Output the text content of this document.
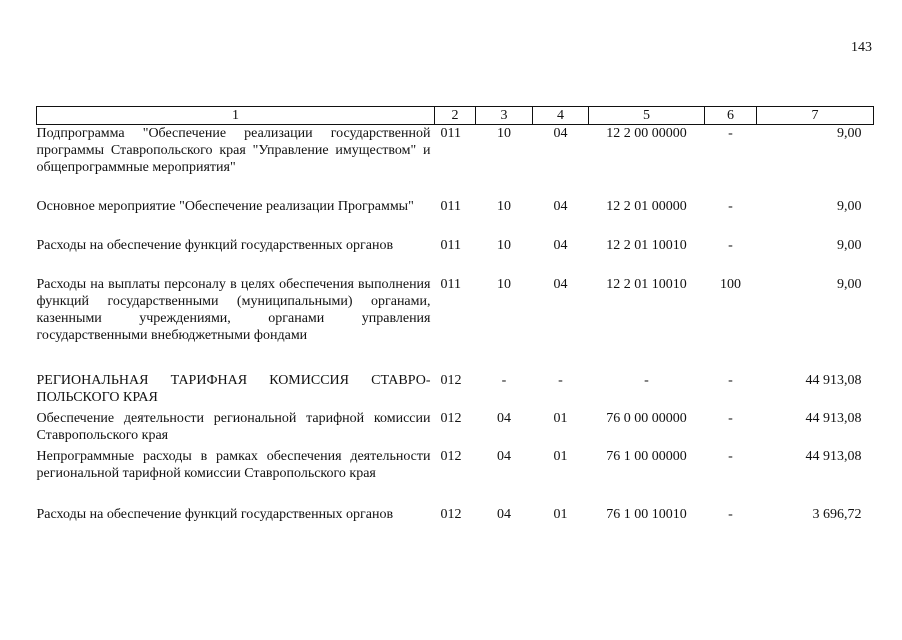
143
1	2	3	4	5	6	7
Подпрограмма "Обеспечение реализации государственной программы Ставропольского края "Управление имуществом" и общепрограммные мероприятия"	011	10	04	12 2 00 00000	-	9,00
Основное мероприятие "Обеспечение реализации Программы"	011	10	04	12 2 01 00000	-	9,00
Расходы на обеспечение функций государственных органов	011	10	04	12 2 01 10010	-	9,00
Расходы на выплаты персоналу в целях обеспечения выполнения функций государственными (муниципальными) органами, казенными учреждениями, органами управления государственными внебюджетными фондами	011	10	04	12 2 01 10010	100	9,00
РЕГИОНАЛЬНАЯ ТАРИФНАЯ КОМИССИЯ СТАВРО-ПОЛЬСКОГО КРАЯ	012	-	-	-	-	44 913,08
Обеспечение деятельности региональной тарифной комиссии Ставропольского края	012	04	01	76 0 00 00000	-	44 913,08
Непрограммные расходы в рамках обеспечения деятельности региональной тарифной комиссии Ставропольского края	012	04	01	76 1 00 00000	-	44 913,08
Расходы на обеспечение функций государственных органов	012	04	01	76 1 00 10010	-	3 696,72
